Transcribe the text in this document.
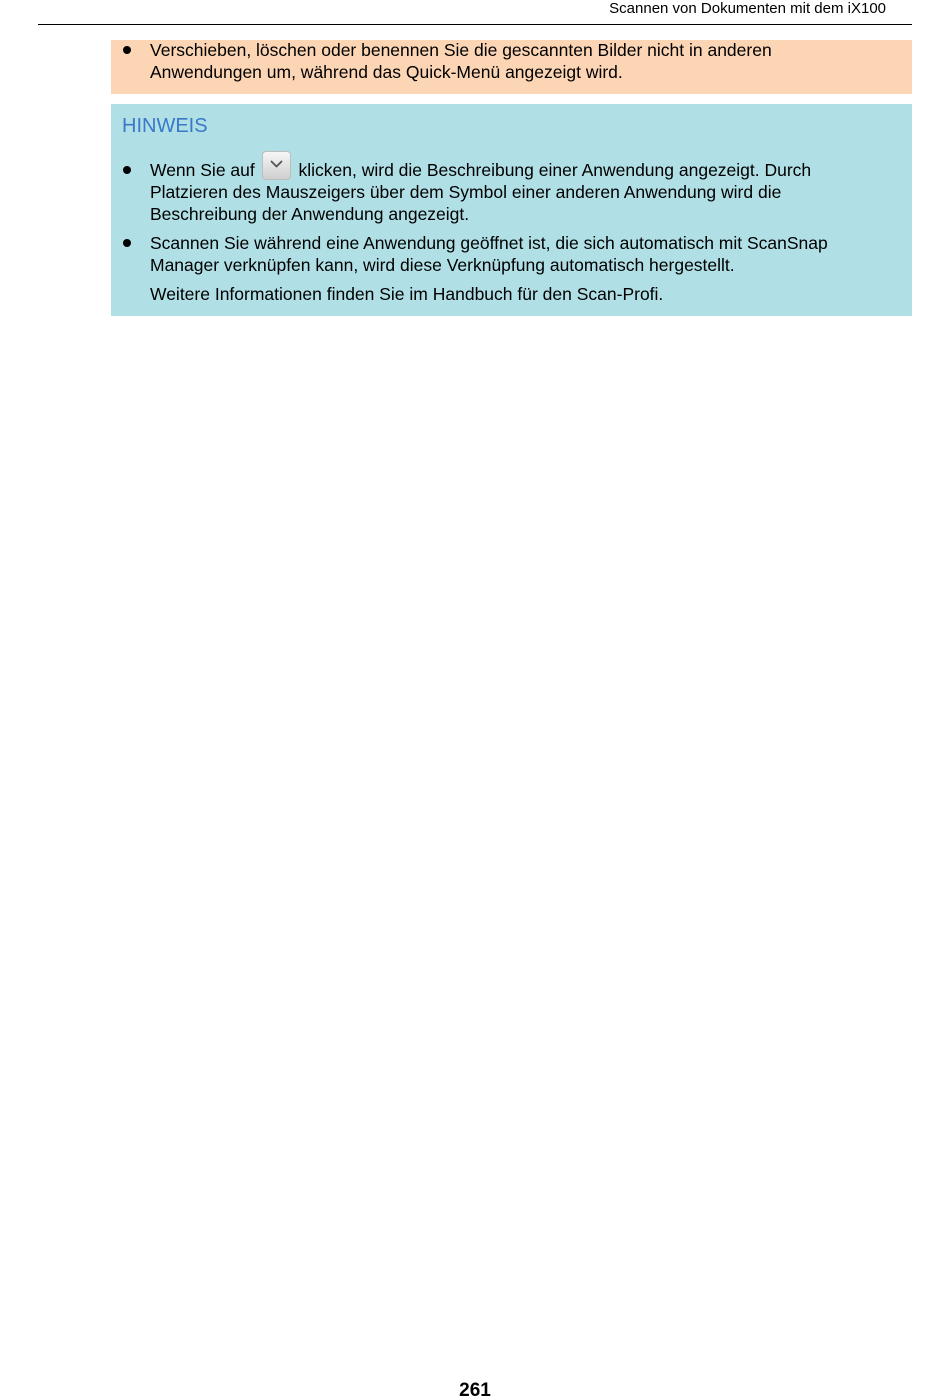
Scannen von Dokumenten mit dem iX100
Verschieben, löschen oder benennen Sie die gescannten Bilder nicht in anderen
Anwendungen um, während das Quick-Menü angezeigt wird.
HINWEIS
Wenn Sie auf	klicken, wird die Beschreibung einer Anwendung angezeigt. Durch
Platzieren des Mauszeigers über dem Symbol einer anderen Anwendung wird die
Beschreibung der Anwendung angezeigt.
Scannen Sie während eine Anwendung geöffnet ist, die sich automatisch mit ScanSnap
Manager verknüpfen kann, wird diese Verknüpfung automatisch hergestellt.
Weitere Informationen finden Sie im Handbuch für den Scan-Profi.
261
